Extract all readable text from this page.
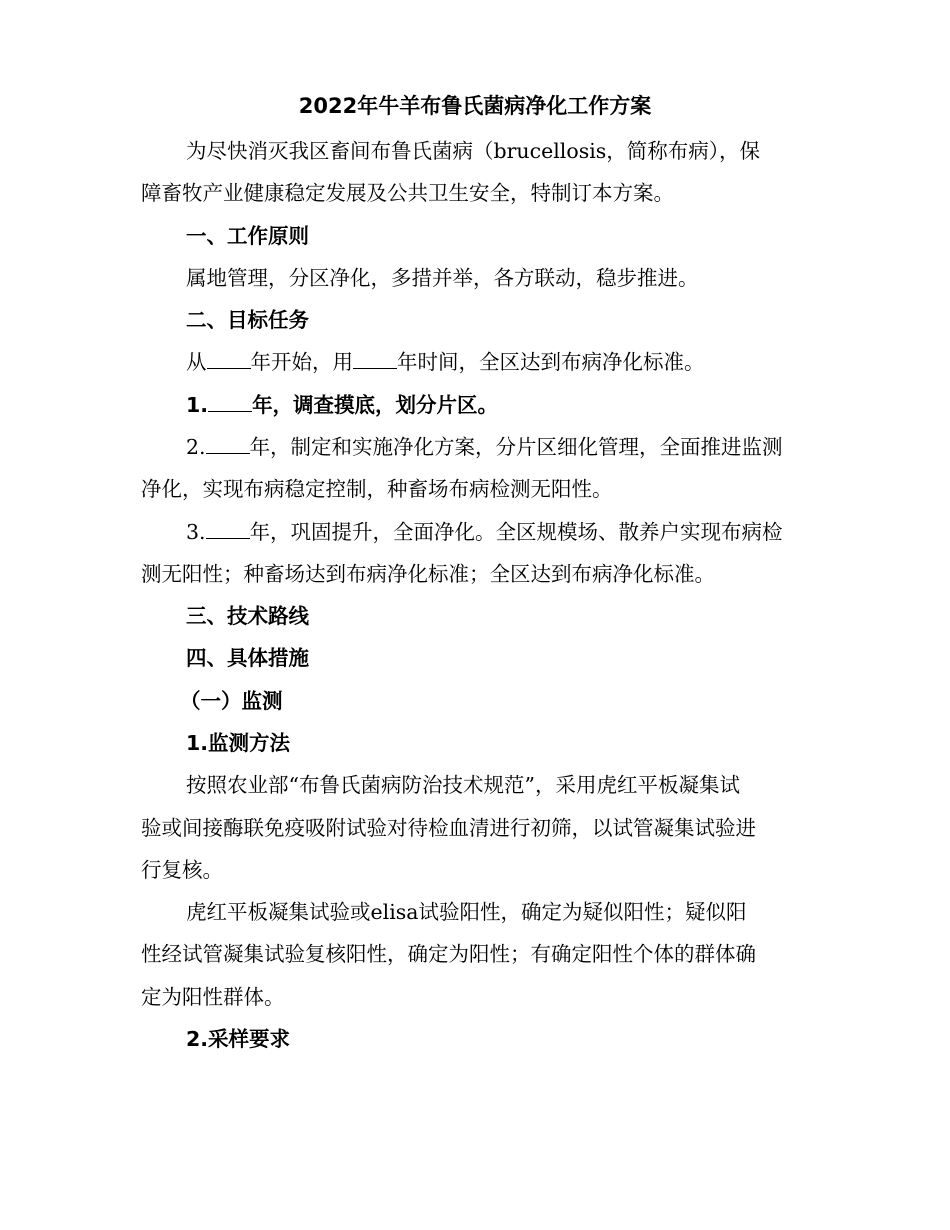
2022年牛羊布鲁氏菌病净化工作方案
为尽快消灭我区畜间布鲁氏菌病（brucellosis，简称布病），保
障畜牧产业健康稳定发展及公共卫生安全，特制订本方案。
一、工作原则
属地管理，分区净化，多措并举，各方联动，稳步推进。
二、目标任务
从 年开始，用 年时间，全区达到布病净化标准。
1. 年，调查摸底，划分片区。
2. 年，制定和实施净化方案，分片区细化管理，全面推进监测
净化，实现布病稳定控制，种畜场布病检测无阳性。
3. 年，巩固提升，全面净化。全区规模场、散养户实现布病检
测无阳性；种畜场达到布病净化标准；全区达到布病净化标准。
三、技术路线
四、具体措施
（一）监测
1.监测方法
按照农业部“布鲁氏菌病防治技术规范”，采用虎红平板凝集试
验或间接酶联免疫吸附试验对待检血清进行初筛，以试管凝集试验进
行复核。
虎红平板凝集试验或elisa试验阳性，确定为疑似阳性；疑似阳
性经试管凝集试验复核阳性，确定为阳性；有确定阳性个体的群体确
定为阳性群体。
2.采样要求
